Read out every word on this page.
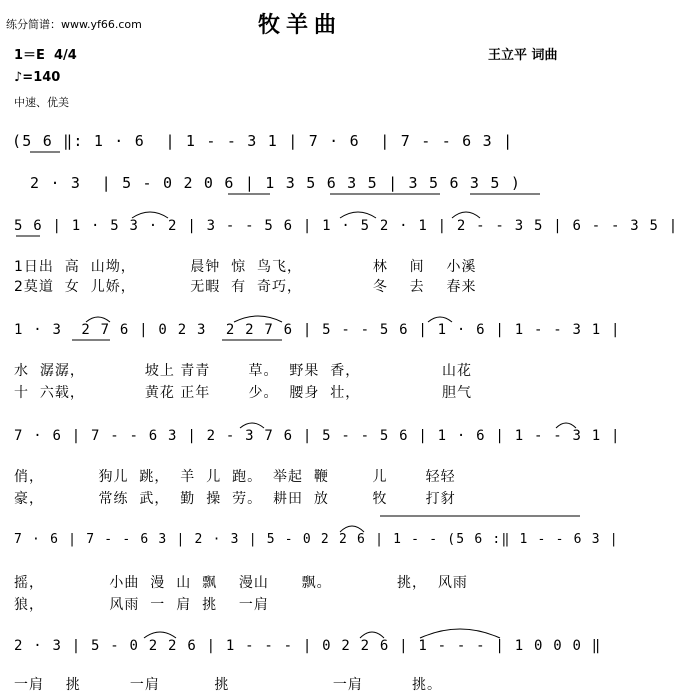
练分简谱：www.yf66.com	牧羊曲
1＝E  4/4	王立平 词曲
♪=140
中速、优美
(5 6 ‖: 1 · 6  | 1 - - 3 1 | 7 · 6  | 7 - - 6 3 |
2 · 3  | 5 - 0 2 0 6 | 1 3 5 6 3 5 | 3 5 6 3 5 )
5 6 | 1 · 5 3 · 2 | 3 - - 5 6 | 1 · 5 2 · 1 | 2 - - 3 5 | 6 - - 3 5 |
1日出  高  山坳，          晨钟  惊  鸟飞，             林    间    小溪
2莫道  女  儿娇，          无暇  有  奇巧，             冬    去    春来
1 · 3  2 7 6 | 0 2 3  2 2 7 6 | 5 - - 5 6 | 1 · 6 | 1 - - 3 1 |
水  潺潺，           坡上 青青       草。  野果  香，               山花
十  六载，           黄花 正年       少。  腰身  壮，               胆气
7 · 6 | 7 - - 6 3 | 2 - 3 7 6 | 5 - - 5 6 | 1 · 6 | 1 - - 3 1 |
俏，          狗儿  跳，  羊  儿  跑。  举起  鞭        儿       轻轻
豪，          常练  武，  勤  操  劳。  耕田  放        牧       打豺
7 · 6 | 7 - - 6 3 | 2 · 3 | 5 - 0 2 2 6 | 1 - - (5 6 :‖ 1 - - 6 3 |
摇，            小曲  漫  山  飘    漫山      飘。            挑，  风雨
狼，            风雨  一  肩  挑    一肩
2 · 3 | 5 - 0 2 2 6 | 1 - - - | 0 2 2 6 | 1 - - - | 1 0 0 0 ‖
一肩    挑         一肩          挑                   一肩         挑。
